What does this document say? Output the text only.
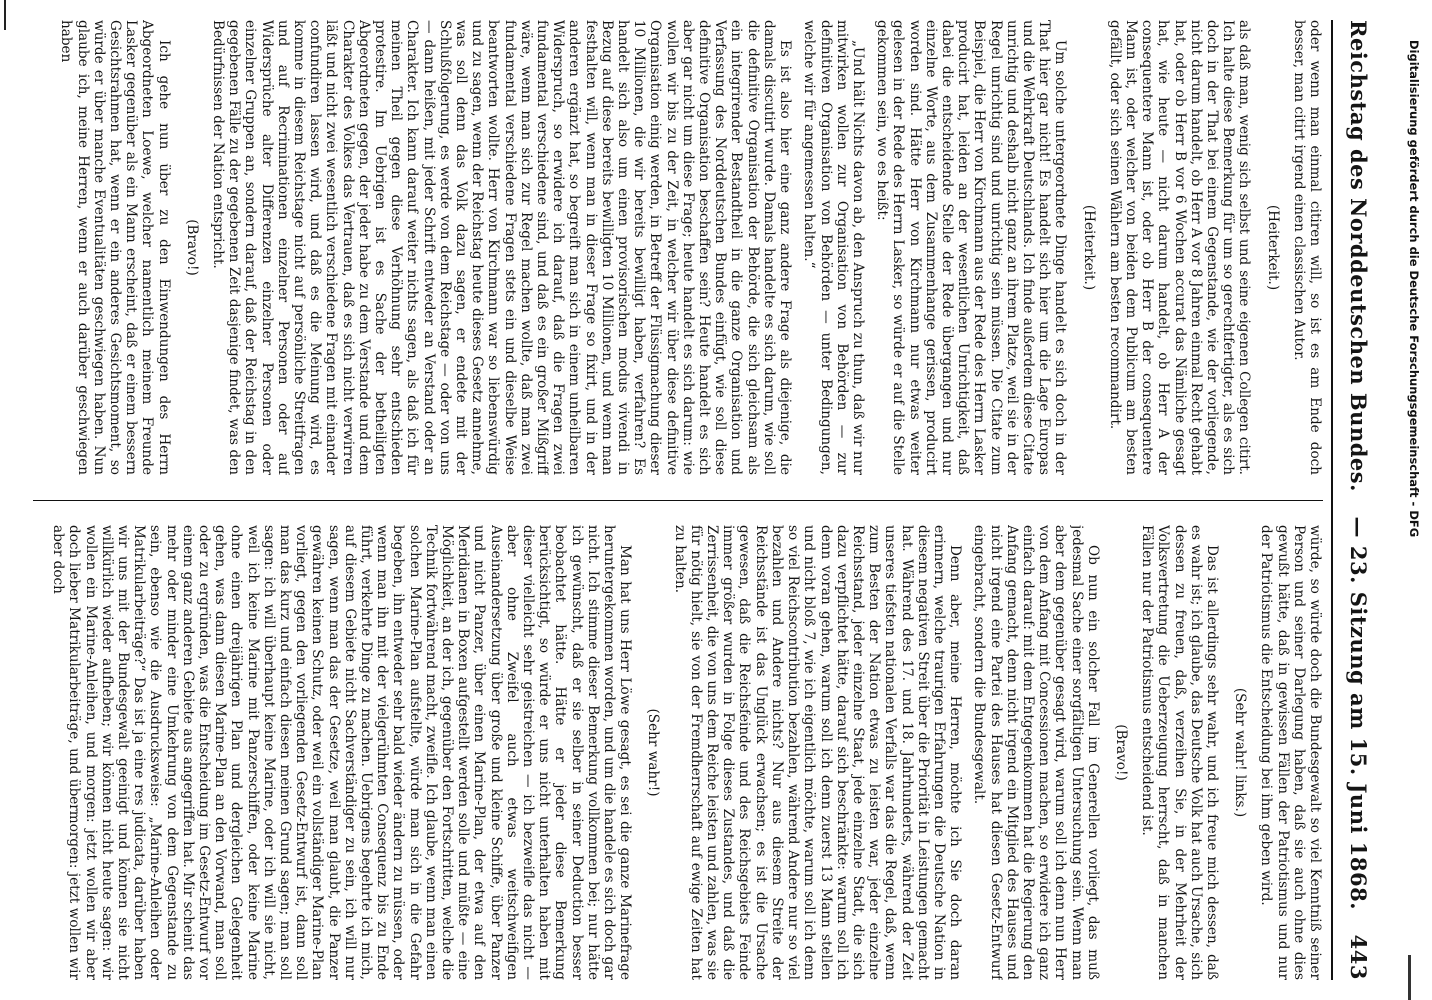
Reichstag des Norddeutschen Bundes.
— 23. Sitzung am 15. Juni 1868.
443

oder wenn man einmal citiren will, so ist es am Ende doch besser, man citirt irgend einen classischen Autor.

(Heiterkeit.)

als daß man, wenig sich selbst und seine eigenen Collegen citirt. Ich halte diese Bemerkung für um so gerechtfertigter, als es sich doch in der That bei einem Gegenstande, wie der vorliegende, nicht darum handelt, ob Herr A vor 8 Jahren einmal Recht gehabt hat, oder ob Herr B vor 6 Wochen accurat das Nämliche gesagt hat, wie heute — nicht darum handelt, ob Herr A der consequentere Mann ist, oder ob Herr B der consequentere Mann ist, oder welcher von beiden dem Publicum am besten gefällt, oder sich seinen Wählern am besten recommandirt.

(Heiterkeit.)

Um solche untergeordnete Dinge handelt es sich doch in der That hier gar nicht! Es handelt sich hier um die Lage Europas und die Wehrkraft Deutschlands. Ich finde außerdem diese Citate unrichtig und deshalb nicht ganz an ihrem Platze, weil sie in der Regel unrichtig sind und unrichtig sein müssen. Die Citate zum Beispiel, die Herr von Kirchmann aus der Rede des Herrn Lasker producirt hat, leiden an der wesentlichen Unrichtigkeit, daß dabei die entscheidende Stelle der Rede übergangen und nur einzelne Worte, aus dem Zusammenhange gerissen, producirt worden sind. Hätte Herr von Kirchmann nur etwas weiter gelesen in der Rede des Herrn Lasker, so würde er auf die Stelle gekommen sein, wo es heißt:

„Und hält Nichts davon ab, den Anspruch zu thun, daß wir nur mitwirken wollen zur Organisation von Behörden — zur definitiven Organisation von Behörden — unter Bedingungen, welche wir für angemessen halten.“

Es ist also hier eine ganz andere Frage als diejenige, die damals discutirt wurde. Damals handelte es sich darum, wie soll die definitive Organisation der Behörde, die sich gleichsam als ein integrirender Bestandtheil in die ganze Organisation und Verfassung des Norddeutschen Bundes einfügt, wie soll diese definitive Organisation beschaffen sein? Heute handelt es sich aber gar nicht um diese Frage; heute handelt es sich darum: wie wollen wir bis zu der Zeit, in welcher wir über diese definitive Organisation einig werden, in Betreff der Flüssigmachung dieser 10 Millionen, die wir bereits bewilligt haben, verfahren? Es handelt sich also um einen provisorischen modus vivendi in Bezug auf diese bereits bewilligten 10 Millionen, und wenn man festhalten will, wenn man in dieser Frage so fixirt, und in der anderen ergänzt hat, so begreift man sich in einem unheilbaren Widerspruch, so erwidere ich darauf, daß die Fragen zwei fundamental verschiedene sind, und daß es ein großer Mißgriff wäre, wenn man sich zur Regel machen wollte, daß man zwei fundamental verschiedene Fragen stets ein und dieselbe Weise beantworten wollte. Herr von Kirchmann war so liebenswürdig und zu sagen, wenn der Reichstag heute dieses Gesetz annehme, was soll denn das Volk dazu sagen, er endete mit der Schlußfolgerung, es werde von dem Reichstage — oder von uns — dann heißen, mit jeder Schrift entweder an Verstand oder an Charakter. Ich kann darauf weiter nichts sagen, als daß ich für meinen Theil gegen diese Verhöhnung sehr entschieden protestire. Im Uebrigen ist es Sache der betheiligten Abgeordneten gegen, der jeder habe zu dem Verstande und dem Charakter des Volkes das Vertrauen, daß es sich nicht verwirren läßt und nicht zwei wesentlich verschiedene Fragen mit einander confundiren lassen wird, und daß es die Meinung wird, es komme in diesem Reichstage nicht auf persönliche Streitfragen und auf Recriminationen einzelner Personen oder auf Widersprüche alter Differenzen einzelner Personen oder einzelner Gruppen an, sondern darauf, daß der Reichstag in den gegebenen Fälle zu der gegebenen Zeit dasjenige findet, was den Bedürfnissen der Nation entspricht.

(Bravo!)

Ich gehe nun über zu den Einwendungen des Herrn Abgeordneten Loewe, welcher namentlich meinem Freunde Lasker gegenüber als ein Mann erscheint, daß er einem bessern Gesichtsrahmen hat, wenn er ein anderes Gesichtsmoment, so würde er über manche Eventualitäten geschwiegen haben. Nun glaube ich, meine Herren, wenn er auch darüber geschwiegen haben

würde, so würde doch die Bundesgewalt so viel Kenntniß seiner Person und seiner Darlegung haben, daß sie auch ohne dies gewußt hätte, daß in gewissen Fällen der Patriotismus und nur der Patriotismus die Entscheidung bei ihm geben wird.

(Sehr wahr! links.)

Das ist allerdings sehr wahr, und ich freue mich dessen, daß es wahr ist; ich glaube, das Deutsche Volk hat auch Ursache, sich dessen zu freuen, daß, verzeihen Sie, in der Mehrheit der Volksvertretung die Ueberzeugung herrscht, daß in manchen Fällen nur der Patriotismus entscheidend ist.

(Bravo!)

Ob nun ein solcher Fall im Generellen vorliegt, das muß jedesmal Sache einer sorgfältigen Untersuchung sein. Wenn man aber dem gegenüber gesagt wird, warum soll ich denn nun Herr von dem Anfang mit Concessionen machen, so erwidere ich ganz einfach darauf: mit dem Entgegenkommen hat die Regierung den Anfang gemacht, denn nicht irgend ein Mitglied des Hauses und nicht irgend eine Partei des Hauses hat diesen Gesetz-Entwurf eingebracht, sondern die Bundesgewalt.

Denn aber, meine Herren, möchte ich Sie doch daran erinnern, welche traurigen Erfahrungen die Deutsche Nation in diesem negativen Streit über die Priorität in Leistungen gemacht hat. Während des 17. und 18. Jahrhunderts, während der Zeit unseres tiefsten nationalen Verfalls war das die Regel, daß, wenn zum Besten der Nation etwas zu leisten war, jeder einzelne Reichsstand, jeder einzelne Staat, jede einzelne Stadt, die sich dazu verpflichtet hätte, darauf sich beschränkte: warum soll ich denn voran gehen, warum soll ich denn zuerst 13 Mann stellen und nicht bloß 7, wie ich eigentlich möchte, warum soll ich denn so viel Reichscontribution bezahlen, während Andere nur so viel bezahlen und Andere nichts? Nur aus diesem Streite der Reichsstände ist das Unglück erwachsen; es ist die Ursache gewesen, daß die Reichsfeinde und des Reichsgebiets Feinde immer größer wurden in Folge dieses Zustandes, und daß die Zerrissenheit, die von uns dem Reiche leisten und zahlen, was sie für nötig hielt, sie von der Fremdherrschaft auf ewige Zeiten hat zu halten.

(Sehr wahr!)

Man hat uns Herr Löwe gesagt, es sei die ganze Marinefrage heruntergekommen worden, und um die handele es sich doch gar nicht. Ich stimme dieser Bemerkung vollkommen bei; nur hätte ich gewünscht, daß er sie selber in seiner Deduction besser beobachtet hätte. Hätte er jeder diese Bemerkung berücksichtigt, so würde er uns nicht unterhalten haben mit dieser vielleicht sehr geistreichen — ich bezweifle das nicht — aber ohne Zweifel auch etwas weitschweifigen Auseinandersetzung über große und kleine Schiffe, über Panzer und nicht Panzer, über einen Marine-Plan, der etwa auf den Meridianen in Boxen aufgestellt werden solle und müßte — eine Möglichkeit, an der ich, gegenüber den Fortschritten, welche die Technik fortwährend macht, zweifle. Ich glaube, wenn man einen solchen Marine-Plan aufstellte, würde man sich in die Gefahr begeben, ihn entweder sehr bald wieder ändern zu müssen, oder wenn man ihn mit der vielgerühmten Consequenz bis zu Ende führt, verkehrte Dinge zu machen. Uebrigens begehrte ich mich, auf diesem Gebiete nicht Sachverständiger zu sein, ich will nur sagen, wenn man das der Gesetze, weil man glaubt, die Panzer gewähren keinen Schutz, oder weil ein vollständiger Marine-Plan vorliegt, gegen den vorliegenden Gesetz-Entwurf ist, dann soll man das kurz und einfach diesen meinen Grund sagen; man soll sagen: ich will überhaupt keine Marine, oder ich will sie nicht, weil ich keine Marine mit Panzerschiffen, oder keine Marine ohne einen dreijährigen Plan und dergleichen Gelegenheit gehen, was dann diesen Marine-Plan an den Vorwand, man soll oder zu ergründen, was die Entscheidung im Gesetz-Entwurf vor einem ganz anderen Gebiete aus angegriffen hat. Mir scheint das mehr oder minder eine Umkehrung von dem Gegenstande zu sein, ebenso wie die Ausdrucksweise: „Marine-Anleihen oder Matrikularbeiträge?“ Das ist ja eine res judicata, darüber haben wir uns mit der Bundesgewalt geeinigt und können sie nicht willkürlich wieder aufheben; wir können nicht heute sagen: wir wollen ein Marine-Anleihen, und morgen: jetzt wollen wir aber doch lieber Matrikularbeiträge, und übermorgen: jetzt wollen wir aber doch

Digitalisierung gefördert durch die Deutsche Forschungsgemeinschaft - DFG
